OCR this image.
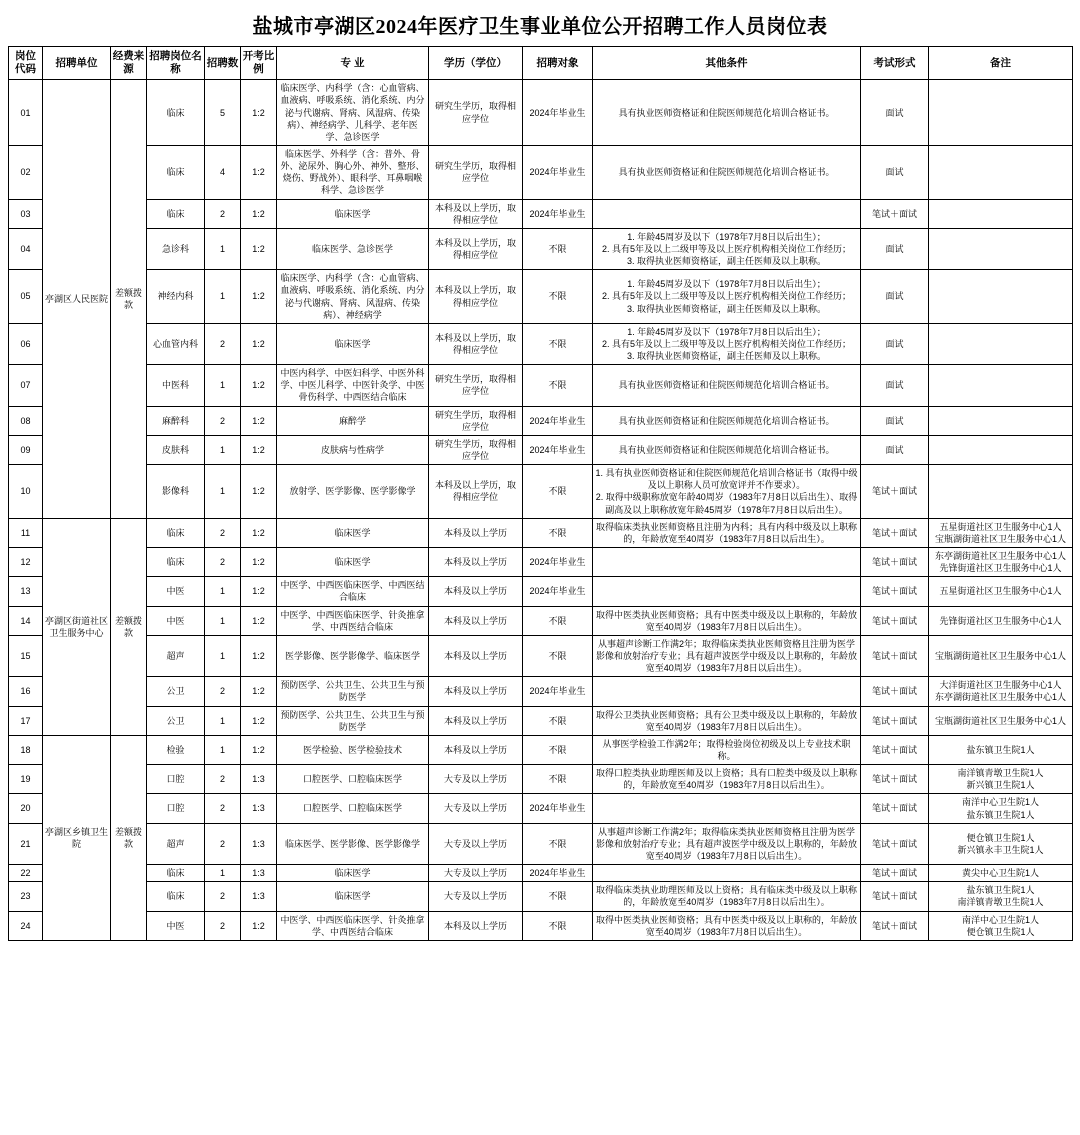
盐城市亭湖区2024年医疗卫生事业单位公开招聘工作人员岗位表
岗位代码	招聘单位	经费来源	招聘岗位名称	招聘数	开考比例	专 业	学历（学位）	招聘对象	其他条件	考试形式	备注
01	亭湖区人民医院	差额拨款	临床	5	1:2	临床医学、内科学（含：心血管病、血液病、呼吸系统、消化系统、内分泌与代谢病、肾病、风湿病、传染病）、神经病学、儿科学、老年医学、急诊医学	研究生学历，取得相应学位	2024年毕业生	具有执业医师资格证和住院医师规范化培训合格证书。	面试	
02			临床	4	1:2	临床医学、外科学（含：普外、骨外、泌尿外、胸心外、神外、整形、烧伤、野战外）、眼科学、耳鼻咽喉科学、急诊医学	研究生学历，取得相应学位	2024年毕业生	具有执业医师资格证和住院医师规范化培训合格证书。	面试	
03			临床	2	1:2	临床医学	本科及以上学历，取得相应学位	2024年毕业生		笔试＋面试	
04			急诊科	1	1:2	临床医学、急诊医学	本科及以上学历，取得相应学位	不限	1. 年龄45周岁及以下（1978年7月8日以后出生）；
2. 具有5年及以上二级甲等及以上医疗机构相关岗位工作经历；
3. 取得执业医师资格证，副主任医师及以上职称。	面试	
05			神经内科	1	1:2	临床医学、内科学（含：心血管病、血液病、呼吸系统、消化系统、内分泌与代谢病、肾病、风湿病、传染病）、神经病学	本科及以上学历，取得相应学位	不限	1. 年龄45周岁及以下（1978年7月8日以后出生）；
2. 具有5年及以上二级甲等及以上医疗机构相关岗位工作经历；
3. 取得执业医师资格证，副主任医师及以上职称。	面试	
06			心血管内科	2	1:2	临床医学	本科及以上学历，取得相应学位	不限	1. 年龄45周岁及以下（1978年7月8日以后出生）；
2. 具有5年及以上二级甲等及以上医疗机构相关岗位工作经历；
3. 取得执业医师资格证，副主任医师及以上职称。	面试	
07			中医科	1	1:2	中医内科学、中医妇科学、中医外科学、中医儿科学、中医针灸学、中医骨伤科学、中西医结合临床	研究生学历，取得相应学位	不限	具有执业医师资格证和住院医师规范化培训合格证书。	面试	
08			麻醉科	2	1:2	麻醉学	研究生学历，取得相应学位	2024年毕业生	具有执业医师资格证和住院医师规范化培训合格证书。	面试	
09			皮肤科	1	1:2	皮肤病与性病学	研究生学历，取得相应学位	2024年毕业生	具有执业医师资格证和住院医师规范化培训合格证书。	面试	
10			影像科	1	1:2	放射学、医学影像、医学影像学	本科及以上学历，取得相应学位	不限	1. 具有执业医师资格证和住院医师规范化培训合格证书（取得中级及以上职称人员可放宽评并不作要求）。
2. 取得中级职称放宽年龄40周岁（1983年7月8日以后出生）、取得副高及以上职称放宽年龄45周岁（1978年7月8日以后出生）。	笔试＋面试	
11	亭湖区街道社区卫生服务中心	差额拨款	临床	2	1:2	临床医学	本科及以上学历	不限	取得临床类执业医师资格且注册为内科；具有内科中级及以上职称的，年龄放宽至40周岁（1983年7月8日以后出生）。	笔试＋面试	五星街道社区卫生服务中心1人
宝瓶湖街道社区卫生服务中心1人
12			临床	2	1:2	临床医学	本科及以上学历	2024年毕业生		笔试＋面试	东亭湖街道社区卫生服务中心1人
先锋街道社区卫生服务中心1人
13			中医	1	1:2	中医学、中西医临床医学、中西医结合临床	本科及以上学历	2024年毕业生		笔试＋面试	五星街道社区卫生服务中心1人
14			中医	1	1:2	中医学、中西医临床医学、针灸推拿学、中西医结合临床	本科及以上学历	不限	取得中医类执业医师资格；具有中医类中级及以上职称的，年龄放宽至40周岁（1983年7月8日以后出生）。	笔试＋面试	先锋街道社区卫生服务中心1人
15			超声	1	1:2	医学影像、医学影像学、临床医学	本科及以上学历	不限	从事超声诊断工作满2年；取得临床类执业医师资格且注册为医学影像和放射治疗专业；具有超声波医学中级及以上职称的，年龄放宽至40周岁（1983年7月8日以后出生）。	笔试＋面试	宝瓶湖街道社区卫生服务中心1人
16			公卫	2	1:2	预防医学、公共卫生、公共卫生与预防医学	本科及以上学历	2024年毕业生		笔试＋面试	大洋街道社区卫生服务中心1人
东亭湖街道社区卫生服务中心1人
17			公卫	1	1:2	预防医学、公共卫生、公共卫生与预防医学	本科及以上学历	不限	取得公卫类执业医师资格；具有公卫类中级及以上职称的，年龄放宽至40周岁（1983年7月8日以后出生）。	笔试＋面试	宝瓶湖街道社区卫生服务中心1人
18	亭湖区乡镇卫生院	差额拨款	检验	1	1:2	医学检验、医学检验技术	本科及以上学历	不限	从事医学检验工作满2年；取得检验岗位初级及以上专业技术职称。	笔试＋面试	盐东镇卫生院1人
19			口腔	2	1:3	口腔医学、口腔临床医学	大专及以上学历	不限	取得口腔类执业助理医师及以上资格；具有口腔类中级及以上职称的，年龄放宽至40周岁（1983年7月8日以后出生）。	笔试＋面试	南洋镇青墩卫生院1人
新兴镇卫生院1人
20			口腔	2	1:3	口腔医学、口腔临床医学	大专及以上学历	2024年毕业生		笔试＋面试	南洋中心卫生院1人
盐东镇卫生院1人
21			超声	2	1:3	临床医学、医学影像、医学影像学	大专及以上学历	不限	从事超声诊断工作满2年；取得临床类执业医师资格且注册为医学影像和放射治疗专业；具有超声波医学中级及以上职称的，年龄放宽至40周岁（1983年7月8日以后出生）。	笔试＋面试	便仓镇卫生院1人
新兴镇永丰卫生院1人
22			临床	1	1:3	临床医学	大专及以上学历	2024年毕业生		笔试＋面试	黄尖中心卫生院1人
23			临床	2	1:3	临床医学	大专及以上学历	不限	取得临床类执业助理医师及以上资格；具有临床类中级及以上职称的，年龄放宽至40周岁（1983年7月8日以后出生）。	笔试＋面试	盐东镇卫生院1人
南洋镇青墩卫生院1人
24			中医	2	1:2	中医学、中西医临床医学、针灸推拿学、中西医结合临床	本科及以上学历	不限	取得中医类执业医师资格；具有中医类中级及以上职称的，年龄放宽至40周岁（1983年7月8日以后出生）。	笔试＋面试	南洋中心卫生院1人
便仓镇卫生院1人
